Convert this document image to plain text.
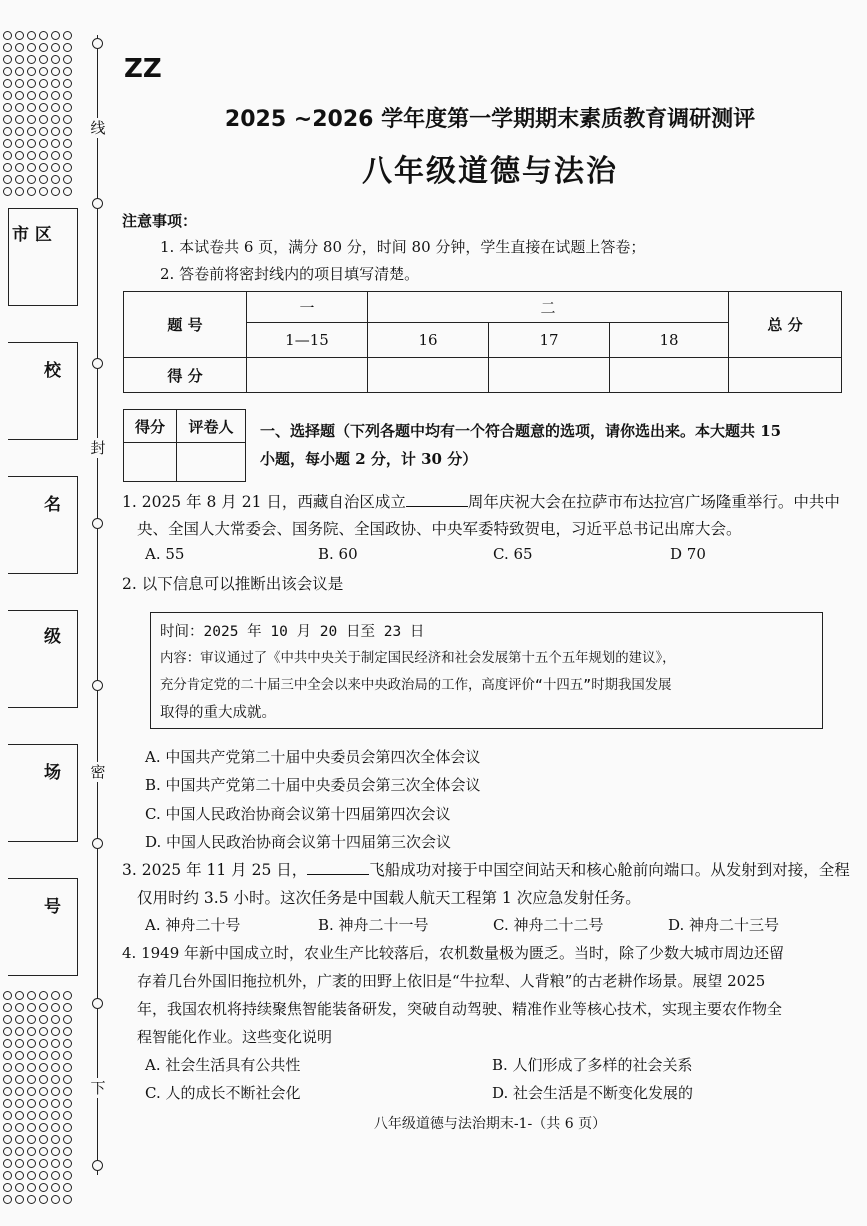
线
封
密
下
市 区
校
名
级
场
号
ZZ
2025 ~2026 学年度第一学期期末素质教育调研测评
八年级道德与法治
注意事项：
1. 本试卷共 6 页，满分 80 分，时间 80 分钟，学生直接在试题上答卷；
2. 答卷前将密封线内的项目填写清楚。
题 号	一	二			总 分
	1—15	16	17	18	
得 分					
得分	评卷人
	一、选择题（下列各题中均有一个符合题意的选项，请你选出来。本大题共 15
小题，每小题 2 分，计 30 分）
1. 2025 年 8 月 21 日，西藏自治区成立	周年庆祝大会在拉萨市布达拉宫广场隆重举行。中共中
央、全国人大常委会、国务院、全国政协、中央军委特致贺电，习近平总书记出席大会。
A. 55	B. 60	C. 65	D 70
2. 以下信息可以推断出该会议是
时间：2025 年 10 月 20 日至 23 日
内容：审议通过了《中共中央关于制定国民经济和社会发展第十五个五年规划的建议》，
充分肯定党的二十届三中全会以来中央政治局的工作，高度评价“十四五”时期我国发展
取得的重大成就。
A. 中国共产党第二十届中央委员会第四次全体会议
B. 中国共产党第二十届中央委员会第三次全体会议
C. 中国人民政治协商会议第十四届第四次会议
D. 中国人民政治协商会议第十四届第三次会议
3. 2025 年 11 月 25 日，	飞船成功对接于中国空间站天和核心舱前向端口。从发射到对接，全程
仅用时约 3.5 小时。这次任务是中国载人航天工程第 1 次应急发射任务。
A. 神舟二十号	B. 神舟二十一号	C. 神舟二十二号	D. 神舟二十三号
4. 1949 年新中国成立时，农业生产比较落后，农机数量极为匮乏。当时，除了少数大城市周边还留
存着几台外国旧拖拉机外，广袤的田野上依旧是“牛拉犁、人背粮”的古老耕作场景。展望 2025
年，我国农机将持续聚焦智能装备研发，突破自动驾驶、精准作业等核心技术，实现主要农作物全
程智能化作业。这些变化说明
A. 社会生活具有公共性	B. 人们形成了多样的社会关系
C. 人的成长不断社会化	D. 社会生活是不断变化发展的
八年级道德与法治期末-1-（共 6 页）
